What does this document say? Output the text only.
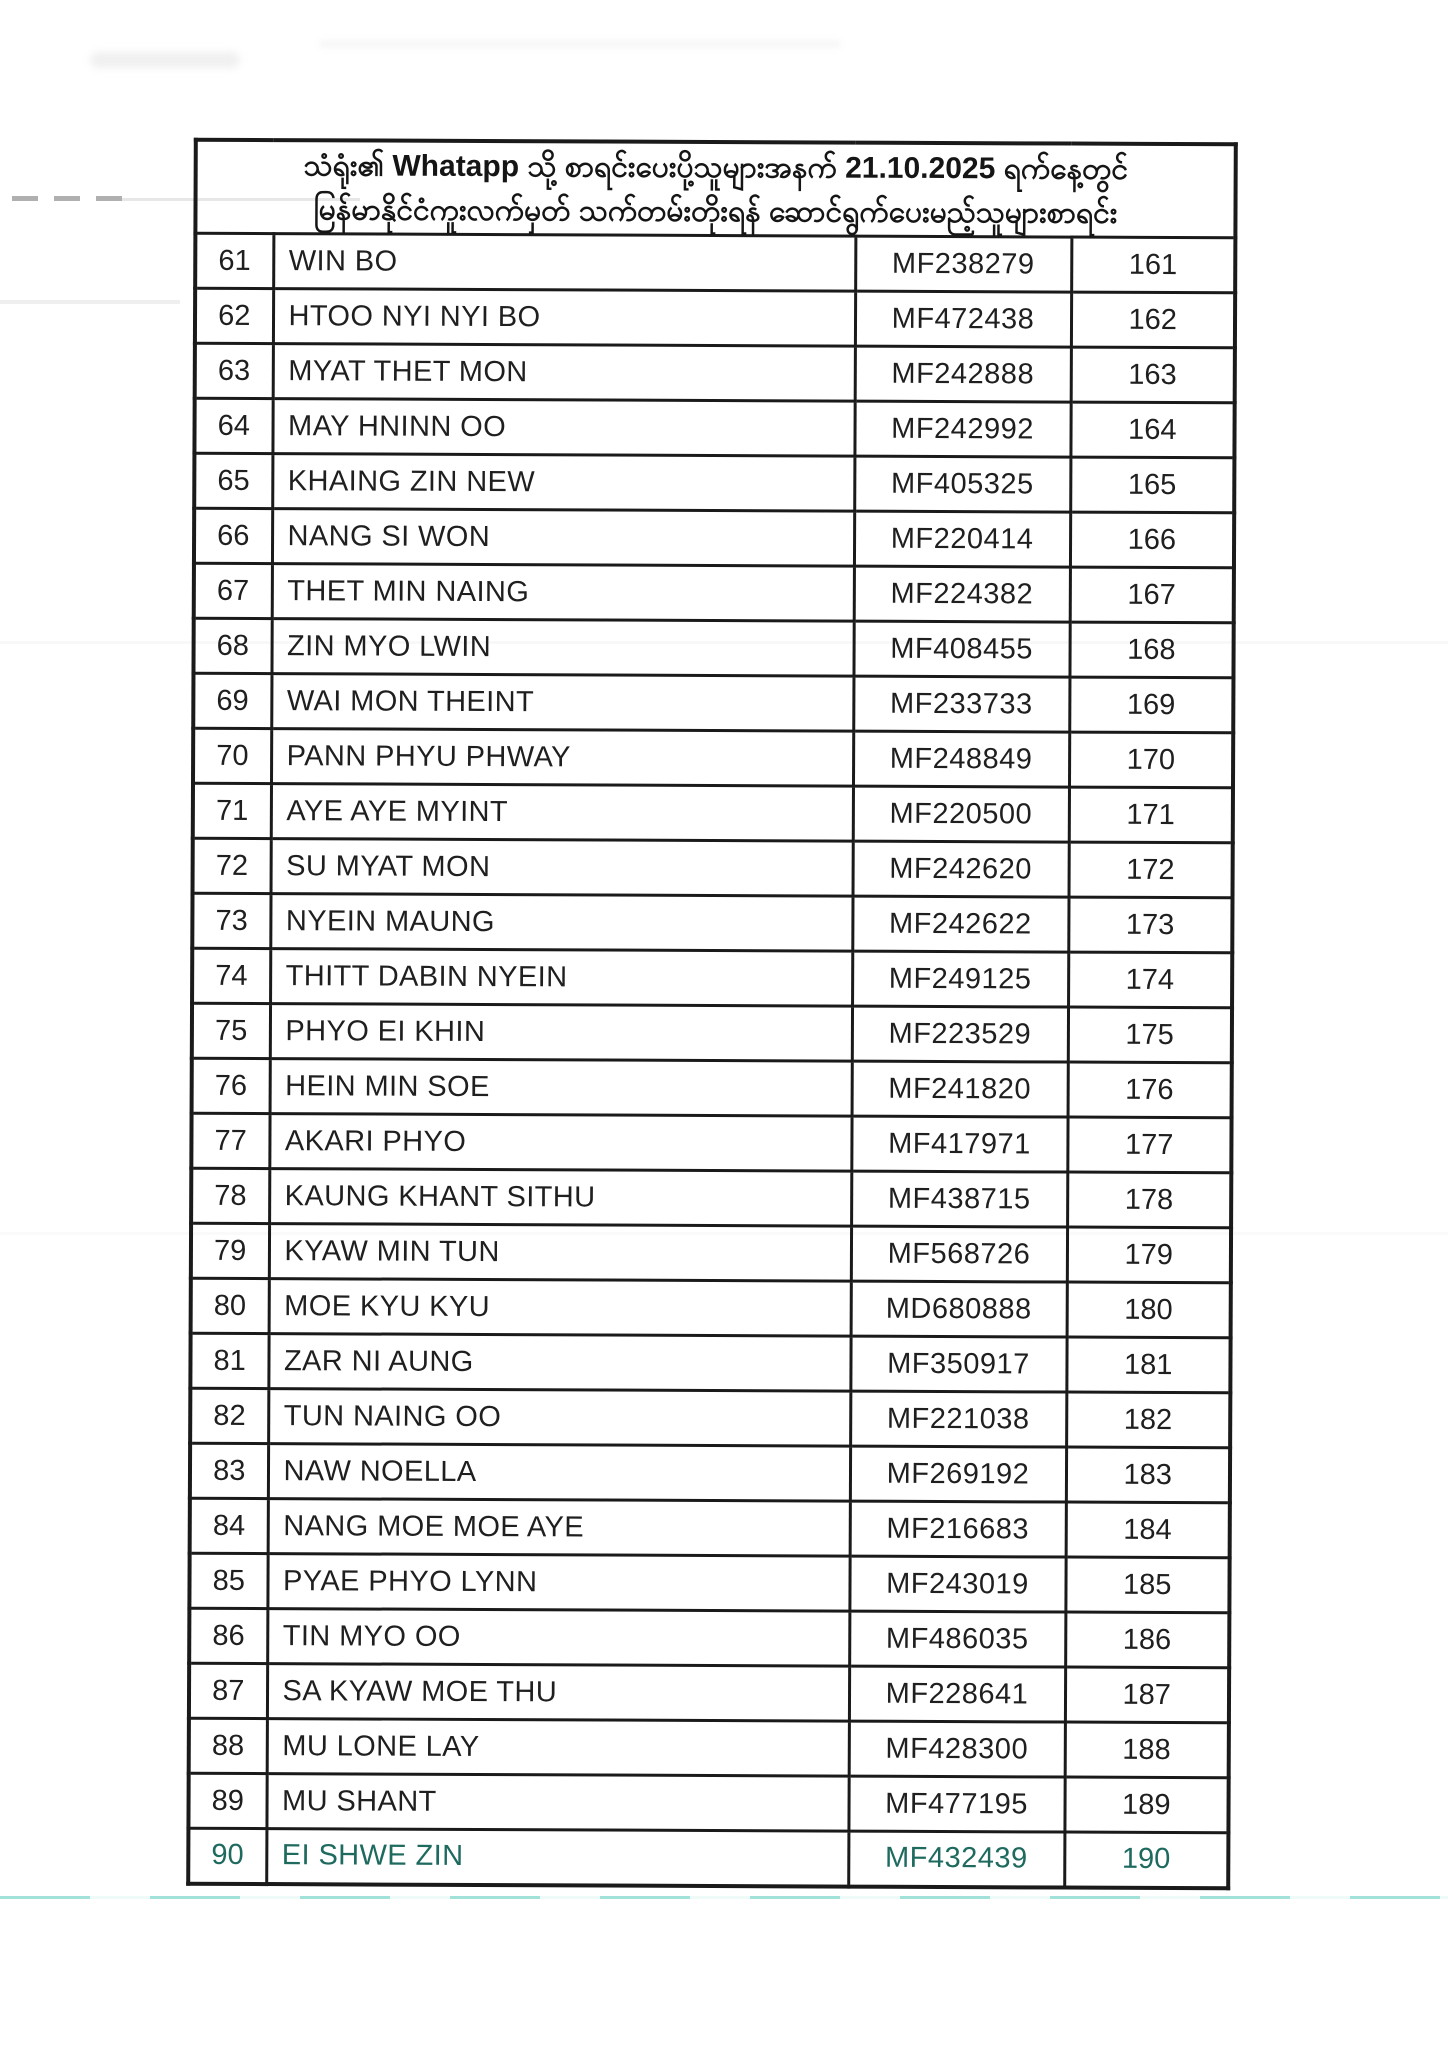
သံရုံး၏ Whatapp သို့ စာရင်းပေးပို့သူများအနက် 21.10.2025 ရက်နေ့တွင်
မြန်မာနိုင်ငံကူးလက်မှတ် သက်တမ်းတိုးရန် ဆောင်ရွက်ပေးမည့်သူများစာရင်း			

61	WIN BO	MF238279	161
62	HTOO NYI NYI BO	MF472438	162
63	MYAT THET MON	MF242888	163
64	MAY HNINN OO	MF242992	164
65	KHAING ZIN NEW	MF405325	165
66	NANG SI WON	MF220414	166
67	THET MIN NAING	MF224382	167
68	ZIN MYO LWIN	MF408455	168
69	WAI MON THEINT	MF233733	169
70	PANN PHYU PHWAY	MF248849	170
71	AYE AYE MYINT	MF220500	171
72	SU MYAT MON	MF242620	172
73	NYEIN MAUNG	MF242622	173
74	THITT DABIN NYEIN	MF249125	174
75	PHYO EI KHIN	MF223529	175
76	HEIN MIN SOE	MF241820	176
77	AKARI PHYO	MF417971	177
78	KAUNG KHANT SITHU	MF438715	178
79	KYAW MIN TUN	MF568726	179
80	MOE KYU KYU	MD680888	180
81	ZAR NI AUNG	MF350917	181
82	TUN NAING OO	MF221038	182
83	NAW NOELLA	MF269192	183
84	NANG MOE MOE AYE	MF216683	184
85	PYAE PHYO LYNN	MF243019	185
86	TIN MYO OO	MF486035	186
87	SA KYAW MOE THU	MF228641	187
88	MU LONE LAY	MF428300	188
89	MU SHANT	MF477195	189
90	EI SHWE ZIN	MF432439	190
